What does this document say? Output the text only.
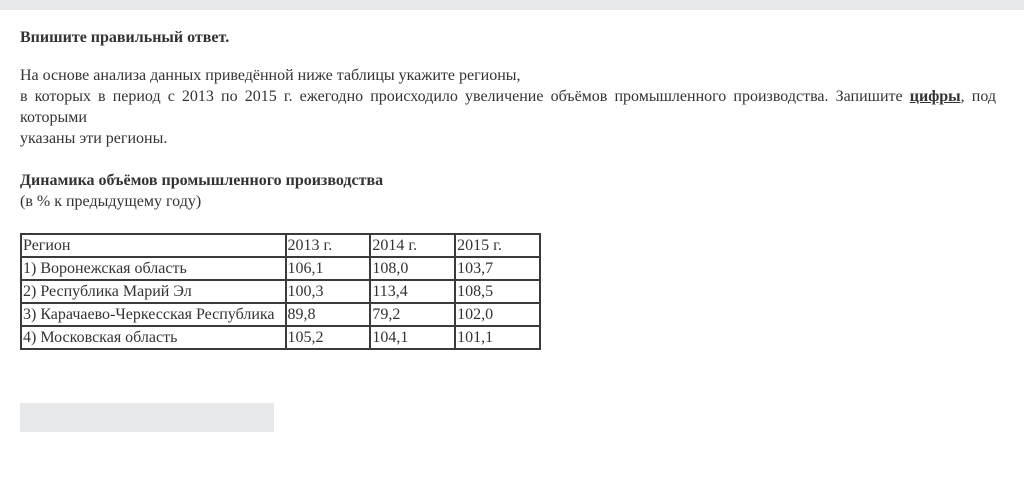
Впишите правильный ответ.

На основе анализа данных приведённой ниже таблицы укажите регионы,
в которых в период с 2013 по 2015 г. ежегодно происходило увеличение объёмов промышленного производства. Запишите цифры, под которыми
указаны эти регионы.

Динамика объёмов промышленного производства
(в % к предыдущему году)

Регион	2013 г.	2014 г.	2015 г.
1) Воронежская область	106,1	108,0	103,7
2) Республика Марий Эл	100,3	113,4	108,5
3) Карачаево-Черкесская Республика	89,8	79,2	102,0
4) Московская область	105,2	104,1	101,1
